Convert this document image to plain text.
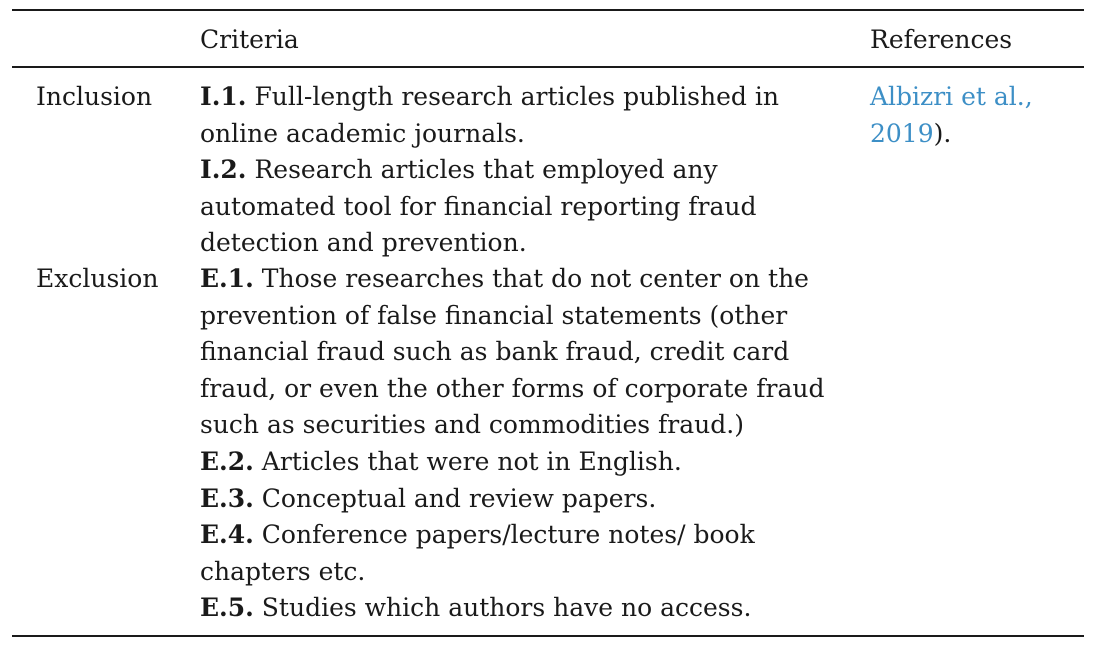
Criteria	References
Inclusion I.1. Full-length research articles published in online academic journals.
I.2. Research articles that employed any automated tool for financial reporting fraud detection and prevention.
Albizri et al., 2019).
Exclusion E.1. Those researches that do not center on the prevention of false financial statements (other financial fraud such as bank fraud, credit card fraud, or even the other forms of corporate fraud such as securities and commodities fraud.)
E.2. Articles that were not in English.
E.3. Conceptual and review papers.
E.4. Conference papers/lecture notes/ book chapters etc.
E.5. Studies which authors have no access.
